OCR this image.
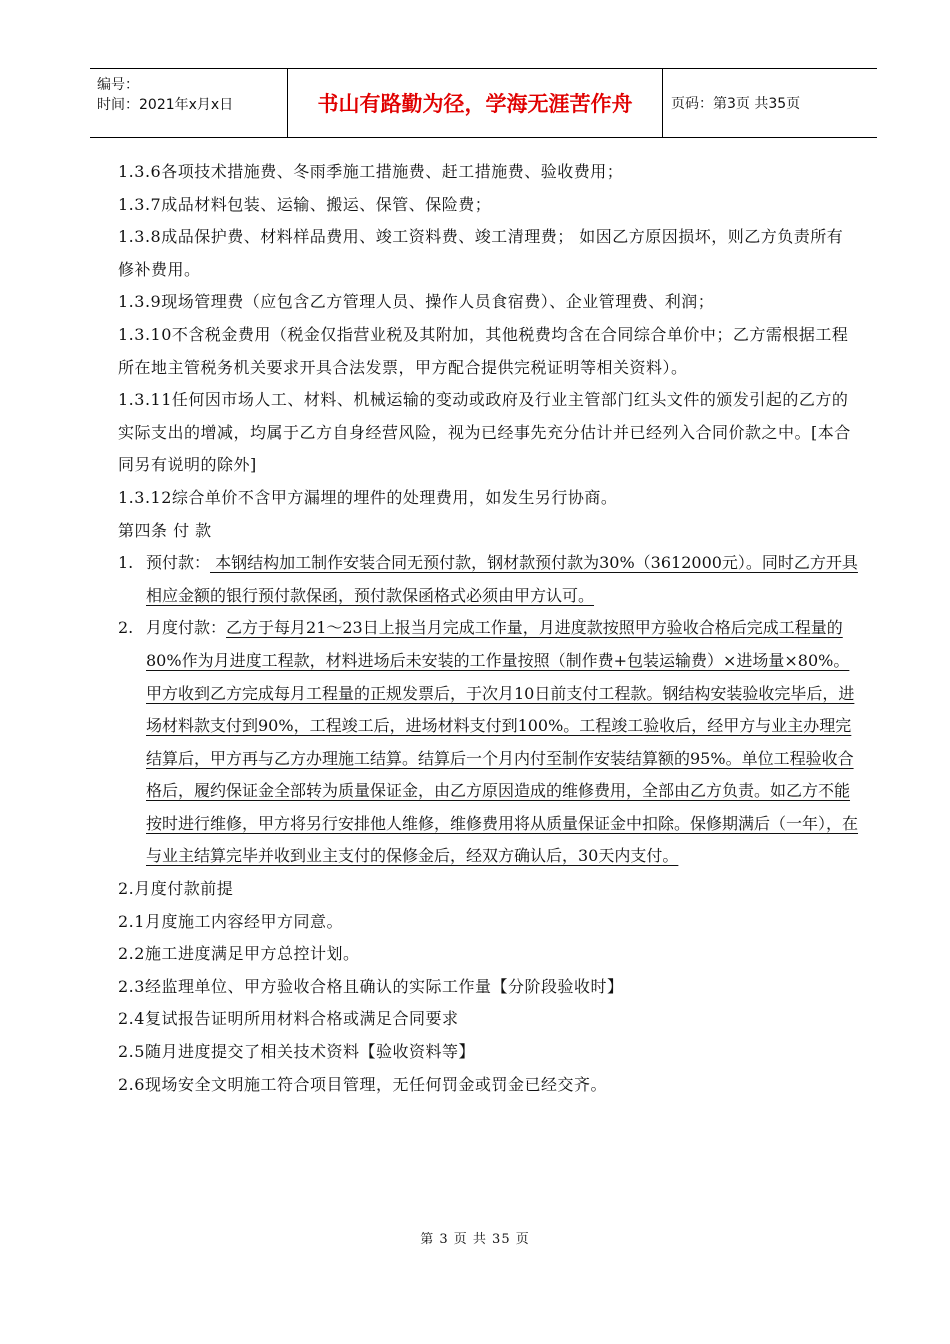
编号：
时间：2021年x月x日	书山有路勤为径，学海无涯苦作舟	页码：第3页 共35页

1.3.6各项技术措施费、冬雨季施工措施费、赶工措施费、验收费用；

1.3.7成品材料包装、运输、搬运、保管、保险费；

1.3.8成品保护费、材料样品费用、竣工资料费、竣工清理费； 如因乙方原因损坏，则乙方负责所有修补费用。

1.3.9现场管理费（应包含乙方管理人员、操作人员食宿费）、企业管理费、利润；

1.3.10不含税金费用（税金仅指营业税及其附加，其他税费均含在合同综合单价中；乙方需根据工程所在地主管税务机关要求开具合法发票，甲方配合提供完税证明等相关资料）。

1.3.11任何因市场人工、材料、机械运输的变动或政府及行业主管部门红头文件的颁发引起的乙方的实际支出的增减，均属于乙方自身经营风险，视为已经事先充分估计并已经列入合同价款之中。[本合同另有说明的除外]

1.3.12综合单价不含甲方漏埋的埋件的处理费用，如发生另行协商。

第四条 付 款

1. 预付款： 本钢结构加工制作安装合同无预付款，钢材款预付款为30%（3612000元）。同时乙方开具相应金额的银行预付款保函，预付款保函格式必须由甲方认可。
2. 月度付款：乙方于每月21～23日上报当月完成工作量，月进度款按照甲方验收合格后完成工程量的80%作为月进度工程款，材料进场后未安装的工作量按照（制作费+包装运输费）×进场量×80%。甲方收到乙方完成每月工程量的正规发票后，于次月10日前支付工程款。钢结构安装验收完毕后，进场材料款支付到90%，工程竣工后，进场材料支付到100%。工程竣工验收后，经甲方与业主办理完结算后，甲方再与乙方办理施工结算。结算后一个月内付至制作安装结算额的95%。单位工程验收合格后，履约保证金全部转为质量保证金，由乙方原因造成的维修费用，全部由乙方负责。如乙方不能按时进行维修，甲方将另行安排他人维修，维修费用将从质量保证金中扣除。保修期满后（一年），在与业主结算完毕并收到业主支付的保修金后，经双方确认后，30天内支付。

2.月度付款前提

2.1月度施工内容经甲方同意。

2.2施工进度满足甲方总控计划。

2.3经监理单位、甲方验收合格且确认的实际工作量【分阶段验收时】

2.4复试报告证明所用材料合格或满足合同要求

2.5随月进度提交了相关技术资料【验收资料等】

2.6现场安全文明施工符合项目管理，无任何罚金或罚金已经交齐。

第 3 页 共 35 页
